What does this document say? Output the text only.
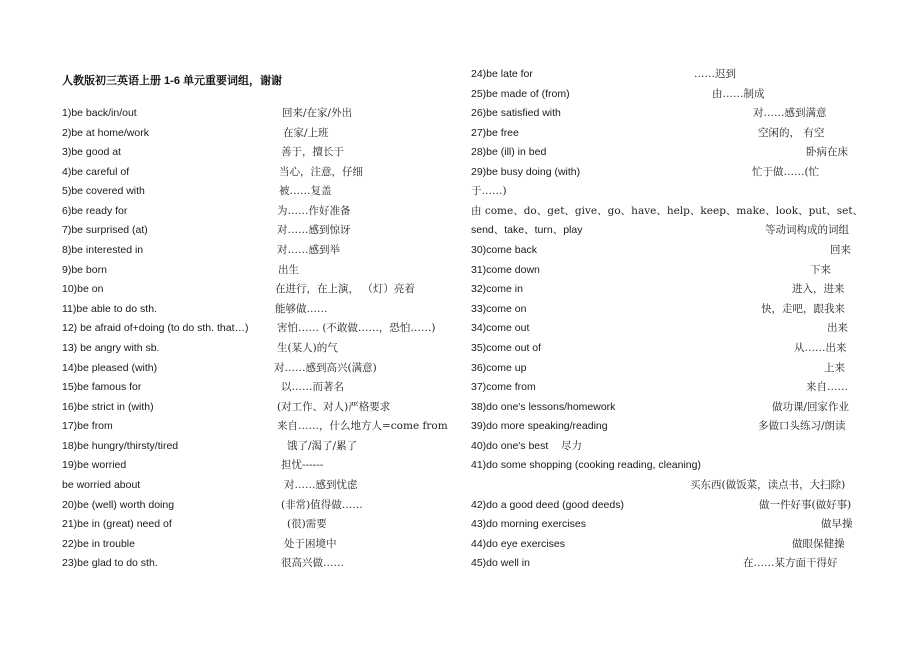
人教版初三英语上册 1-6 单元重要词组，谢谢
1)be back/in/out	回来/在家/外出
2)be at home/work	在家/上班
3)be good at	善于，擅长于
4)be careful of	当心，注意，仔细
5)be covered with	被……复盖
6)be ready for	为……作好准备
7)be surprised (at)	对……感到惊讶
8)be interested in	对……感到举
9)be born	出生
10)be on	在进行，在上演， （灯）亮着
11)be able to do sth.	能够做……
12) be afraid of+doing (to do sth. that…)	害怕…… (不敢做……，恐怕……)
13) be angry with sb.	生(某人)的气
14)be pleased (with)	对……感到高兴(满意)
15)be famous for	以……而著名
16)be strict in (with)	(对工作、对人)严格要求
17)be from	来自……，什么地方人=come from
18)be hungry/thirsty/tired	饿了/渴了/累了
19)be worried	担忧------
be worried about	对……感到忧虑
20)be (well) worth doing	(非常)值得做……
21)be in (great) need of	(很)需要
22)be in trouble	处于困境中
23)be glad to do sth.	很高兴做……
24)be late for	……迟到
25)be made of (from)	由……制成
26)be satisfied with	对……感到满意
27)be free	空闲的， 有空
28)be (ill) in bed	卧病在床
29)be busy doing (with)	忙于做……(忙
于……)
由 come、do、get、give、go、have、help、keep、make、look、put、set、
send、take、turn、play	等动词构成的词组
30)come back	回来
31)come down	下来
32)come in	进入，进来
33)come on	快，走吧，跟我来
34)come out	出来
35)come out of	从……出来
36)come up	上来
37)come from	来自……
38)do one's lessons/homework	做功课/回家作业
39)do more speaking/reading	多做口头练习/朗读
40)do one's best 尽力
41)do some shopping (cooking reading, cleaning)
买东西(做饭菜，读点书，大扫除)
42)do a good deed (good deeds)	做一件好事(做好事)
43)do morning exercises	做早操
44)do eye exercises	做眼保健操
45)do well in	在……某方面干得好
